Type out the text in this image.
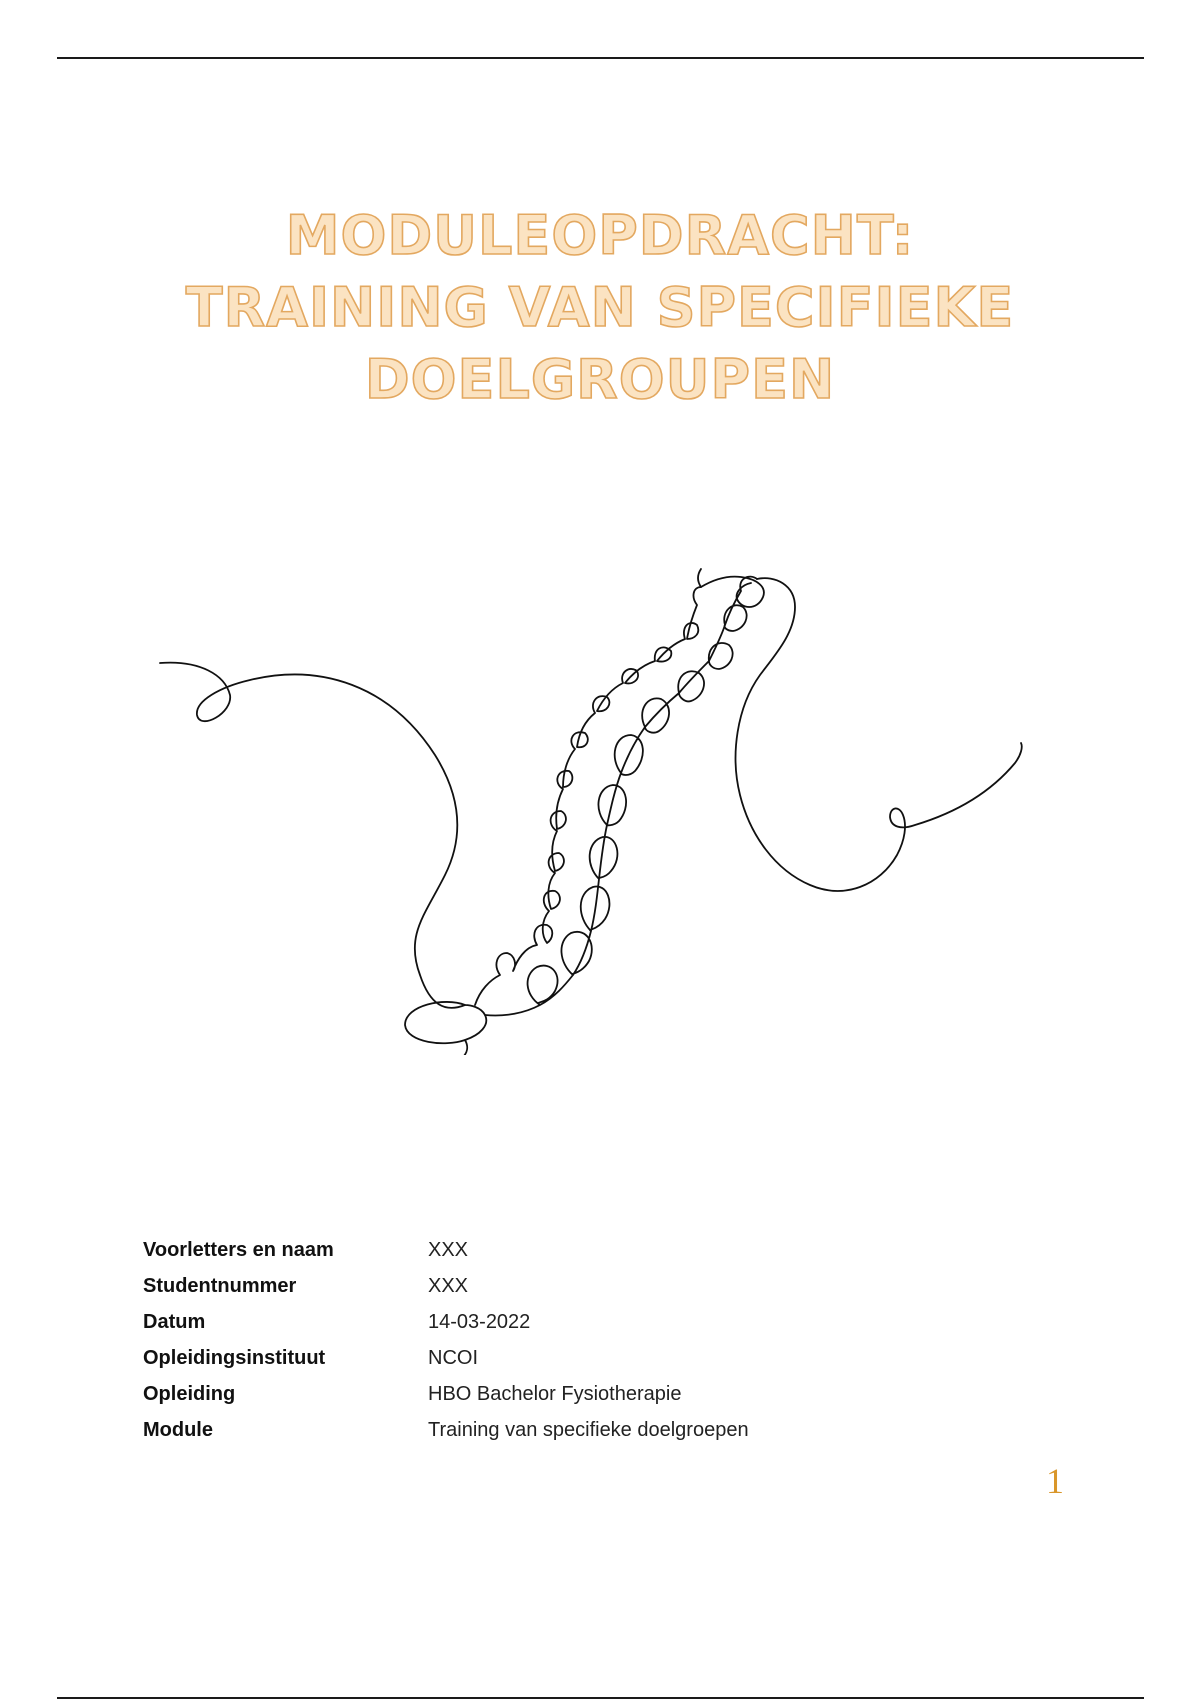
MODULEOPDRACHT:
TRAINING VAN SPECIFIEKE
DOELGROUPEN
Voorletters en naam	XXX
Studentnummer	XXX
Datum	14-03-2022
Opleidingsinstituut	NCOI
Opleiding	HBO Bachelor Fysiotherapie
Module	Training van specifieke doelgroepen
1
